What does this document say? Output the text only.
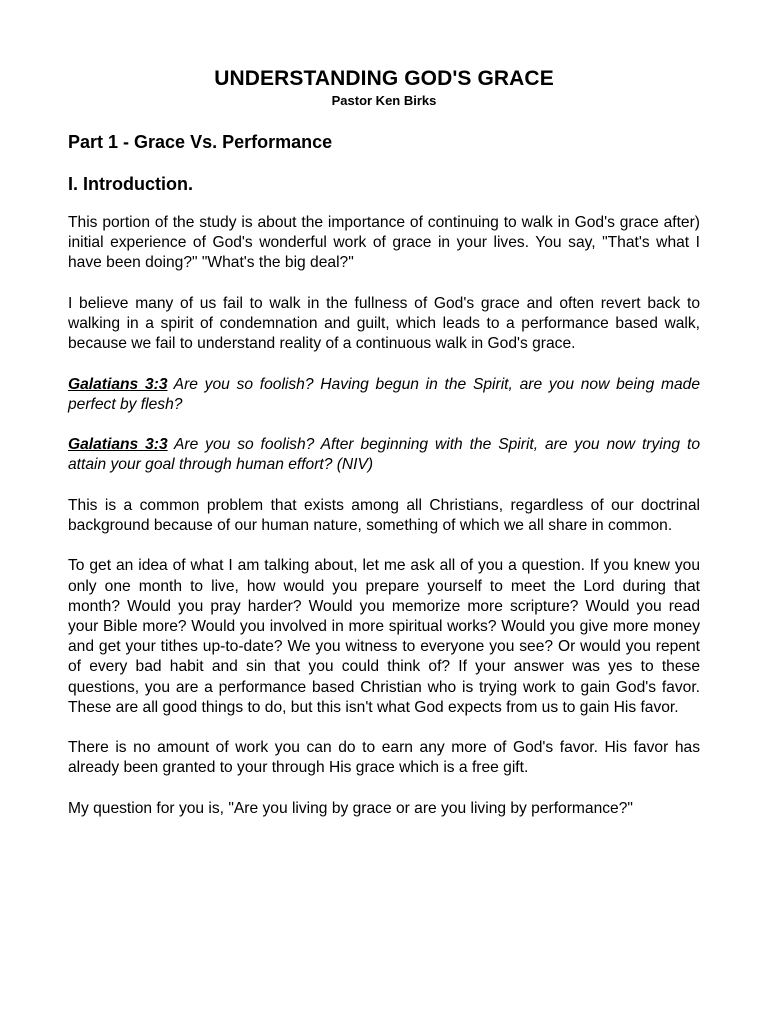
UNDERSTANDING GOD'S GRACE
Pastor Ken Birks
Part 1 - Grace Vs. Performance
I. Introduction.

This portion of the study is about the importance of continuing to walk in God's grace after) initial experience of God's wonderful work of grace in your lives. You say, "That's what I have been doing?" "What's the big deal?"

I believe many of us fail to walk in the fullness of God's grace and often revert back to walking in a spirit of condemnation and guilt, which leads to a performance based walk, because we fail to understand reality of a continuous walk in God's grace.

Galatians 3:3 Are you so foolish? Having begun in the Spirit, are you now being made perfect by flesh?

Galatians 3:3 Are you so foolish? After beginning with the Spirit, are you now trying to attain your goal through human effort? (NIV)

This is a common problem that exists among all Christians, regardless of our doctrinal background because of our human nature, something of which we all share in common.

To get an idea of what I am talking about, let me ask all of you a question. If you knew you only one month to live, how would you prepare yourself to meet the Lord during that month? Would you pray harder? Would you memorize more scripture? Would you read your Bible more? Would you involved in more spiritual works? Would you give more money and get your tithes up-to-date? We you witness to everyone you see? Or would you repent of every bad habit and sin that you could think of? If your answer was yes to these questions, you are a performance based Christian who is trying work to gain God's favor. These are all good things to do, but this isn't what God expects from us to gain His favor.

There is no amount of work you can do to earn any more of God's favor. His favor has already been granted to your through His grace which is a free gift.

My question for you is, "Are you living by grace or are you living by performance?"
